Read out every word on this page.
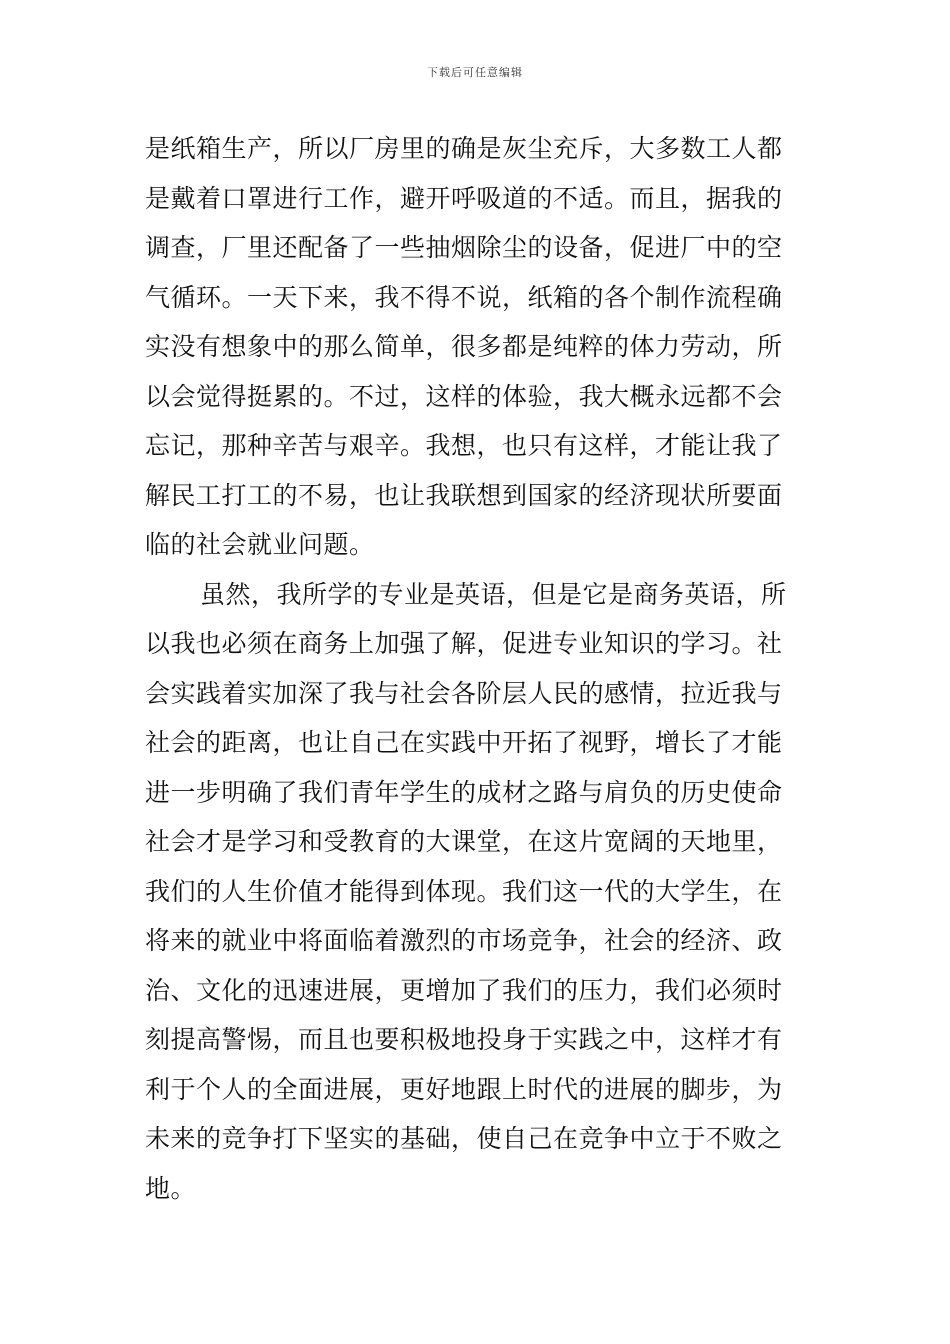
下载后可任意编辑
是纸箱生产，所以厂房里的确是灰尘充斥，大多数工人都
是戴着口罩进行工作，避开呼吸道的不适。而且，据我的
调查，厂里还配备了一些抽烟除尘的设备，促进厂中的空
气循环。一天下来，我不得不说，纸箱的各个制作流程确
实没有想象中的那么简单，很多都是纯粹的体力劳动，所
以会觉得挺累的。不过，这样的体验，我大概永远都不会
忘记，那种辛苦与艰辛。我想，也只有这样，才能让我了
解民工打工的不易，也让我联想到国家的经济现状所要面
临的社会就业问题。
虽然，我所学的专业是英语，但是它是商务英语，所
以我也必须在商务上加强了解，促进专业知识的学习。社
会实践着实加深了我与社会各阶层人民的感情，拉近我与
社会的距离，也让自己在实践中开拓了视野，增长了才能
进一步明确了我们青年学生的成材之路与肩负的历史使命
社会才是学习和受教育的大课堂，在这片宽阔的天地里，
我们的人生价值才能得到体现。我们这一代的大学生，在
将来的就业中将面临着激烈的市场竞争，社会的经济、政
治、文化的迅速进展，更增加了我们的压力，我们必须时
刻提高警惕，而且也要积极地投身于实践之中，这样才有
利于个人的全面进展，更好地跟上时代的进展的脚步，为
未来的竞争打下坚实的基础，使自己在竞争中立于不败之
地。
